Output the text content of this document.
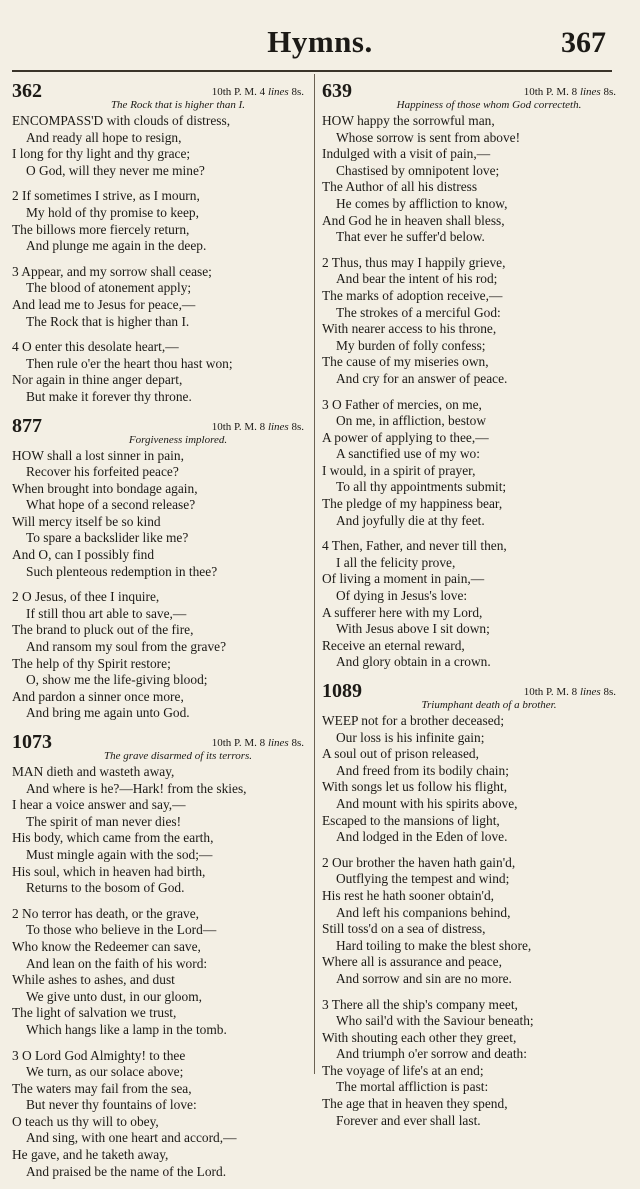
Hymns.	367
362	10th P. M. 4 lines 8s.
The Rock that is higher than I.
ENCOMPASS'D with clouds of distress,
And ready all hope to resign,
I long for thy light and thy grace;
O God, will they never me mine?
2 If sometimes I strive, as I mourn,
My hold of thy promise to keep,
The billows more fiercely return,
And plunge me again in the deep.
3 Appear, and my sorrow shall cease;
The blood of atonement apply;
And lead me to Jesus for peace,—
The Rock that is higher than I.
4 O enter this desolate heart,—
Then rule o'er the heart thou hast won;
Nor again in thine anger depart,
But make it forever thy throne.
877	10th P. M. 8 lines 8s.
Forgiveness implored.
HOW shall a lost sinner in pain,
Recover his forfeited peace?
When brought into bondage again,
What hope of a second release?
Will mercy itself be so kind
To spare a backslider like me?
And O, can I possibly find
Such plenteous redemption in thee?
2 O Jesus, of thee I inquire,
If still thou art able to save,—
The brand to pluck out of the fire,
And ransom my soul from the grave?
The help of thy Spirit restore;
O, show me the life-giving blood;
And pardon a sinner once more,
And bring me again unto God.
1073	10th P. M. 8 lines 8s.
The grave disarmed of its terrors.
MAN dieth and wasteth away,
And where is he?—Hark! from the skies,
I hear a voice answer and say,—
The spirit of man never dies!
His body, which came from the earth,
Must mingle again with the sod;—
His soul, which in heaven had birth,
Returns to the bosom of God.
2 No terror has death, or the grave,
To those who believe in the Lord—
Who know the Redeemer can save,
And lean on the faith of his word:
While ashes to ashes, and dust
We give unto dust, in our gloom,
The light of salvation we trust,
Which hangs like a lamp in the tomb.
3 O Lord God Almighty! to thee
We turn, as our solace above;
The waters may fail from the sea,
But never thy fountains of love:
O teach us thy will to obey,
And sing, with one heart and accord,—
He gave, and he taketh away,
And praised be the name of the Lord.
639	10th P. M. 8 lines 8s.
Happiness of those whom God correcteth.
HOW happy the sorrowful man,
Whose sorrow is sent from above!
Indulged with a visit of pain,—
Chastised by omnipotent love;
The Author of all his distress
He comes by affliction to know,
And God he in heaven shall bless,
That ever he suffer'd below.
2 Thus, thus may I happily grieve,
And bear the intent of his rod;
The marks of adoption receive,—
The strokes of a merciful God:
With nearer access to his throne,
My burden of folly confess;
The cause of my miseries own,
And cry for an answer of peace.
3 O Father of mercies, on me,
On me, in affliction, bestow
A power of applying to thee,—
A sanctified use of my wo:
I would, in a spirit of prayer,
To all thy appointments submit;
The pledge of my happiness bear,
And joyfully die at thy feet.
4 Then, Father, and never till then,
I all the felicity prove,
Of living a moment in pain,—
Of dying in Jesus's love:
A sufferer here with my Lord,
With Jesus above I sit down;
Receive an eternal reward,
And glory obtain in a crown.
1089	10th P. M. 8 lines 8s.
Triumphant death of a brother.
WEEP not for a brother deceased;
Our loss is his infinite gain;
A soul out of prison released,
And freed from its bodily chain;
With songs let us follow his flight,
And mount with his spirits above,
Escaped to the mansions of light,
And lodged in the Eden of love.
2 Our brother the haven hath gain'd,
Outflying the tempest and wind;
His rest he hath sooner obtain'd,
And left his companions behind,
Still toss'd on a sea of distress,
Hard toiling to make the blest shore,
Where all is assurance and peace,
And sorrow and sin are no more.
3 There all the ship's company meet,
Who sail'd with the Saviour beneath;
With shouting each other they greet,
And triumph o'er sorrow and death:
The voyage of life's at an end;
The mortal affliction is past:
The age that in heaven they spend,
Forever and ever shall last.
